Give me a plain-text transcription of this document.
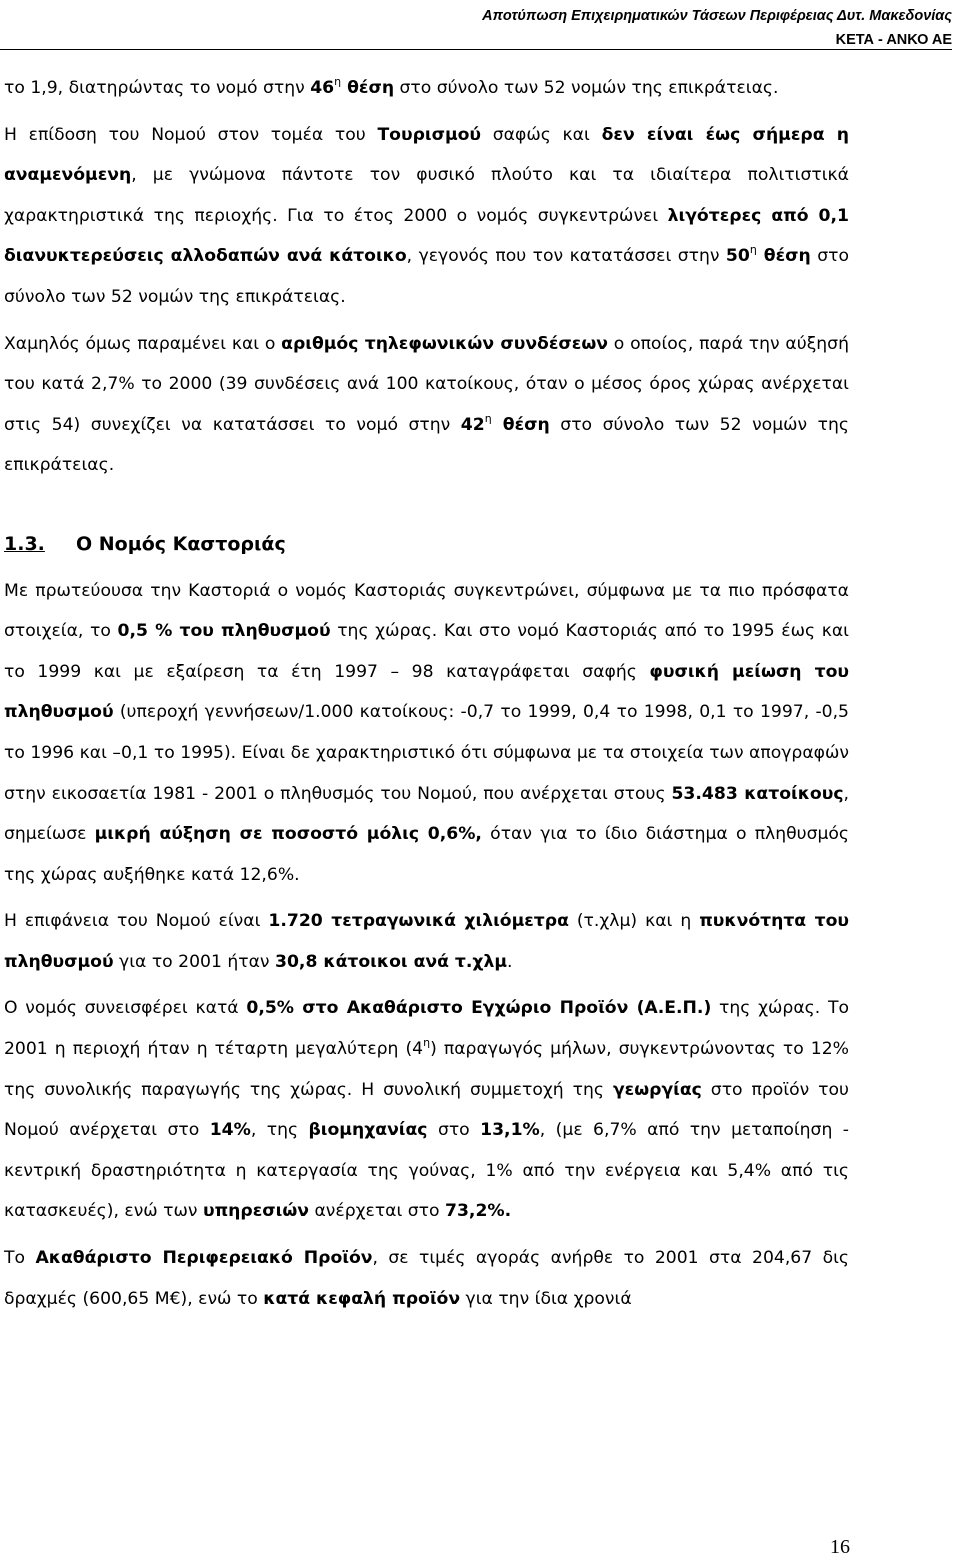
Αποτύπωση Επιχειρηματικών Τάσεων Περιφέρειας Δυτ. Μακεδονίας
ΚΕΤΑ - ΑΝΚΟ ΑΕ

το 1,9, διατηρώντας το νομό στην $46^\eta$ θέση στο σύνολο των 52 νομών της επικράτειας.

Η επίδοση του Νομού στον τομέα του Τουρισμού σαφώς και δεν είναι έως σήμερα η αναμενόμενη, με γνώμονα πάντοτε τον φυσικό πλούτο και τα ιδιαίτερα πολιτιστικά χαρακτηριστικά της περιοχής. Για το έτος 2000 ο νομός συγκεντρώνει λιγότερες από 0,1 διανυκτερεύσεις αλλοδαπών ανά κάτοικο, γεγονός που τον κατατάσσει στην $50^\eta$ θέση στο σύνολο των 52 νομών της επικράτειας.

Χαμηλός όμως παραμένει και ο αριθμός τηλεφωνικών συνδέσεων ο οποίος, παρά την αύξησή του κατά 2,7% το 2000 (39 συνδέσεις ανά 100 κατοίκους, όταν ο μέσος όρος χώρας ανέρχεται στις 54) συνεχίζει να κατατάσσει το νομό στην $42^\eta$ θέση στο σύνολο των 52 νομών της επικράτειας.

1.3. Ο Νομός Καστοριάς

Με πρωτεύουσα την Καστοριά ο νομός Καστοριάς συγκεντρώνει, σύμφωνα με τα πιο πρόσφατα στοιχεία, το 0,5 % του πληθυσμού της χώρας. Και στο νομό Καστοριάς από το 1995 έως και το 1999 και με εξαίρεση τα έτη 1997 – 98 καταγράφεται σαφής φυσική μείωση του πληθυσμού (υπεροχή γεννήσεων/1.000 κατοίκους: -0,7 το 1999, 0,4 το 1998, 0,1 το 1997, -0,5 το 1996 και –0,1 το 1995). Είναι δε χαρακτηριστικό ότι σύμφωνα με τα στοιχεία των απογραφών στην εικοσαετία 1981 - 2001 ο πληθυσμός του Νομού, που ανέρχεται στους 53.483 κατοίκους, σημείωσε μικρή αύξηση σε ποσοστό μόλις 0,6%, όταν για το ίδιο διάστημα ο πληθυσμός της χώρας αυξήθηκε κατά 12,6%.

Η επιφάνεια του Νομού είναι 1.720 τετραγωνικά χιλιόμετρα (τ.χλμ) και η πυκνότητα του πληθυσμού για το 2001 ήταν 30,8 κάτοικοι ανά τ.χλμ.

Ο νομός συνεισφέρει κατά 0,5% στο Ακαθάριστο Εγχώριο Προϊόν (Α.Ε.Π.) της χώρας. Το 2001 η περιοχή ήταν η τέταρτη μεγαλύτερη $(4^\eta)$ παραγωγός μήλων, συγκεντρώνοντας το 12% της συνολικής παραγωγής της χώρας. Η συνολική συμμετοχή της γεωργίας στο προϊόν του Νομού ανέρχεται στο 14%, της βιομηχανίας στο 13,1%, (με 6,7% από την μεταποίηση - κεντρική δραστηριότητα η κατεργασία της γούνας, 1% από την ενέργεια και 5,4% από τις κατασκευές), ενώ των υπηρεσιών ανέρχεται στο 73,2%.

Το Ακαθάριστο Περιφερειακό Προϊόν, σε τιμές αγοράς ανήρθε το 2001 στα 204,67 δις δραχμές (600,65 Μ€), ενώ το κατά κεφαλή προϊόν για την ίδια χρονιά

16
